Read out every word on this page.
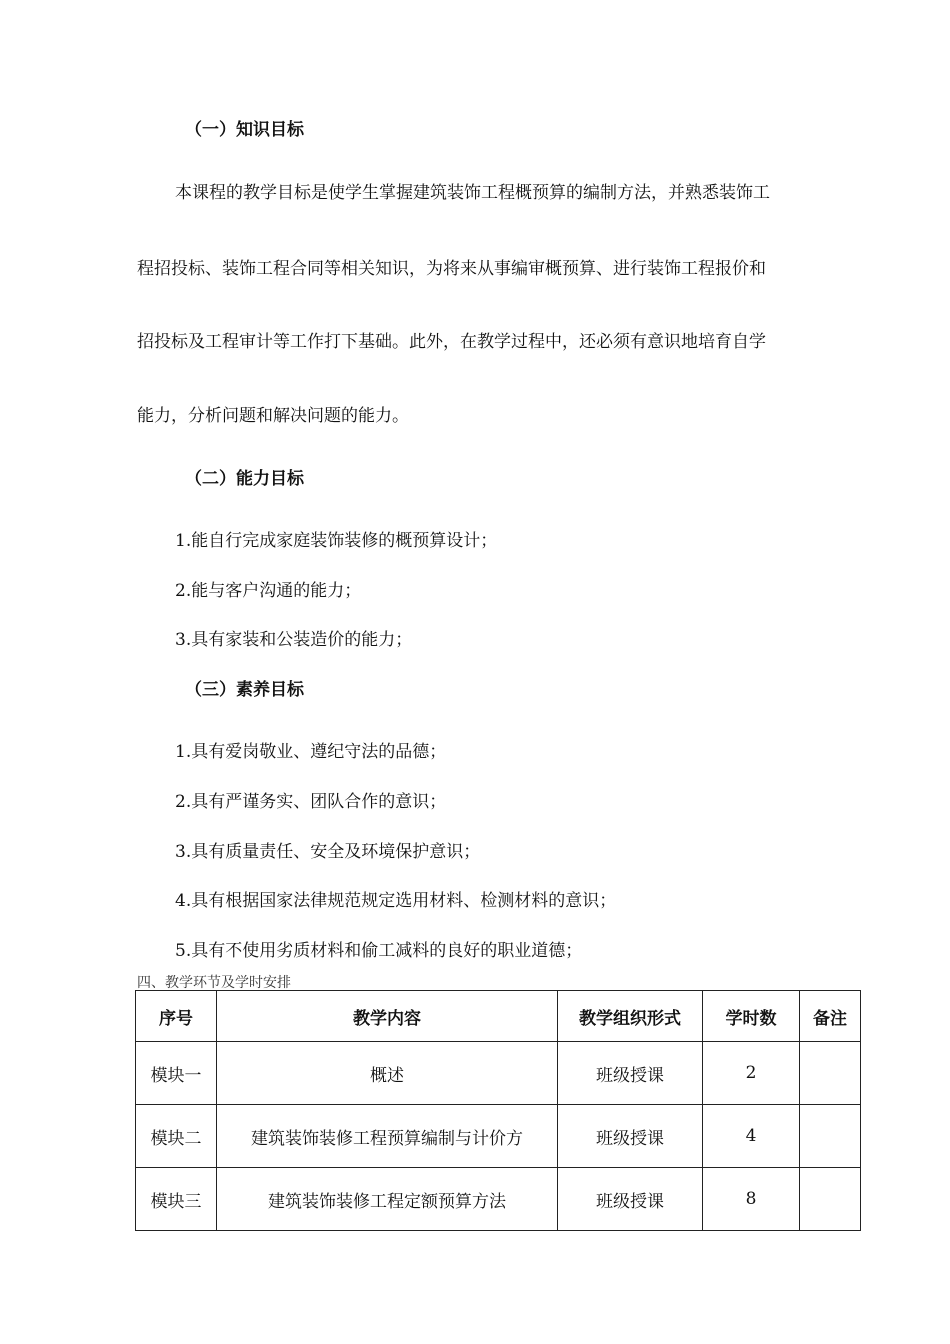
（一）知识目标
本课程的教学目标是使学生掌握建筑装饰工程概预算的编制方法，并熟悉装饰工
程招投标、装饰工程合同等相关知识，为将来从事编审概预算、进行装饰工程报价和
招投标及工程审计等工作打下基础。此外，在教学过程中，还必须有意识地培育自学
能力，分析问题和解决问题的能力。
（二）能力目标
1.能自行完成家庭装饰装修的概预算设计；
2.能与客户沟通的能力；
3.具有家装和公装造价的能力；
（三）素养目标
1.具有爱岗敬业、遵纪守法的品德；
2.具有严谨务实、团队合作的意识；
3.具有质量责任、安全及环境保护意识；
4.具有根据国家法律规范规定选用材料、检测材料的意识；
5.具有不使用劣质材料和偷工减料的良好的职业道德；
四、教学环节及学时安排
序号	教学内容	教学组织形式	学时数	备注
模块一	概述	班级授课	2	
模块二	建筑装饰装修工程预算编制与计价方	班级授课	4	
模块三	建筑装饰装修工程定额预算方法	班级授课	8	
